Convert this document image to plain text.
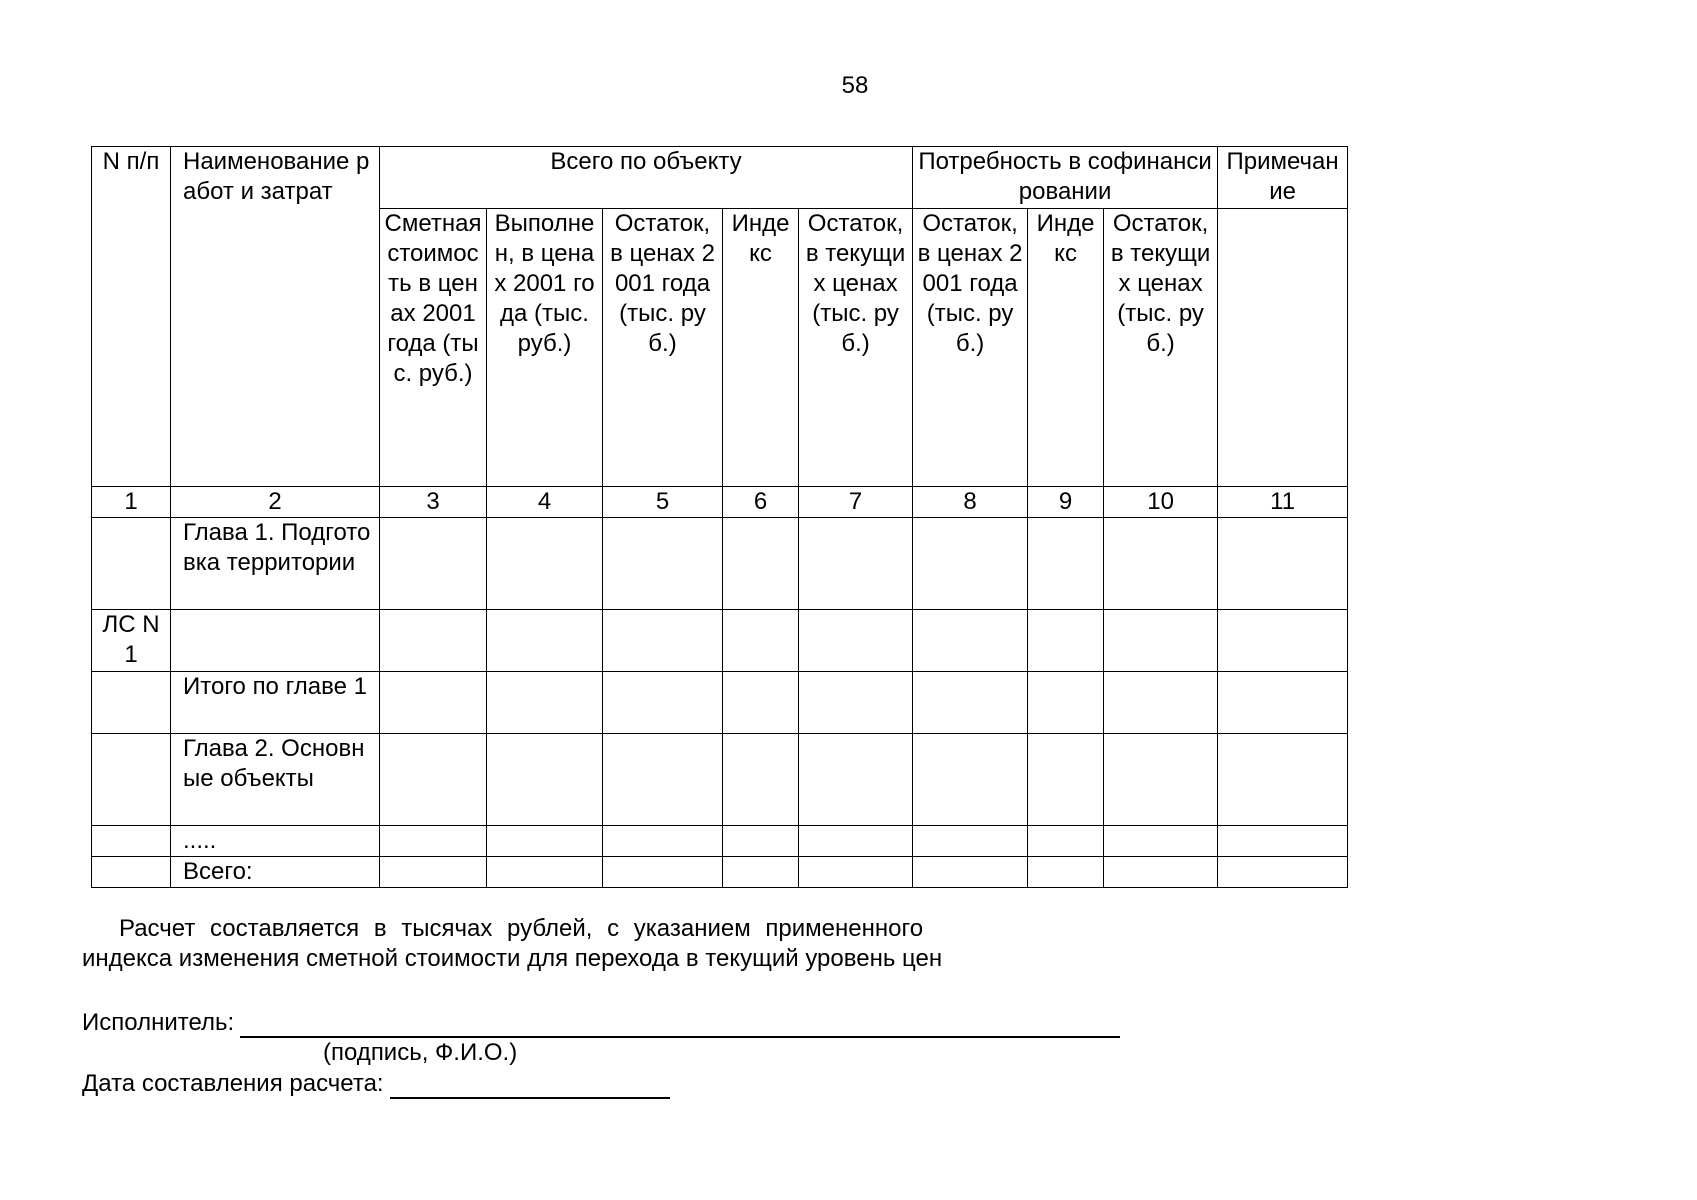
58
N п/п	Наименование работ и затрат	Всего по объекту					Потребность в софинансировании			Примечание
		Сметная стоимость в ценах 2001 года (тыс. руб.)	Выполнен, в ценах 2001 года (тыс. руб.)	Остаток, в ценах 2001 года (тыс. руб.)	Индекс	Остаток, в текущих ценах (тыс. руб.)	Остаток, в ценах 2001 года (тыс. руб.)	Индекс	Остаток, в текущих ценах (тыс. руб.)	
1	2	3	4	5	6	7	8	9	10	11
	Глава 1. Подготовка территории									
ЛС N 1										
	Итого по главе 1									
	Глава 2. Основные объекты									
	.....									
	Всего:									
Расчет составляется в тысячах рублей, с указанием примененного
индекса изменения сметной стоимости для перехода в текущий уровень цен
Исполнитель:
(подпись, Ф.И.О.)
Дата составления расчета:
